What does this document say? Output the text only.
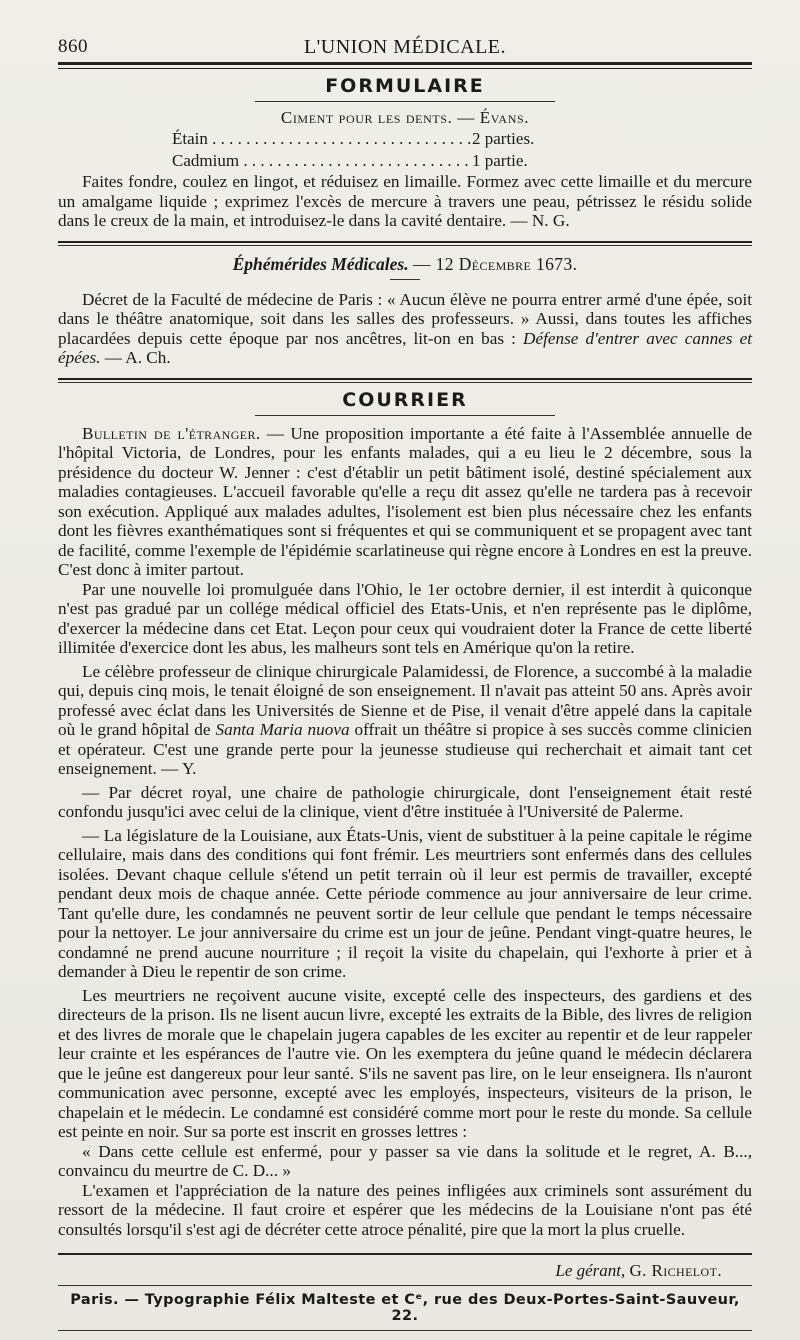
860	L'UNION MÉDICALE.
FORMULAIRE
Ciment pour les dents. — Évans.
Étain . . .	2 parties.
Cadmium . . .	1 partie.

Faites fondre, coulez en lingot, et réduisez en limaille. Formez avec cette limaille et du mercure un amalgame liquide ; exprimez l'excès de mercure à travers une peau, pétrissez le résidu solide dans le creux de la main, et introduisez-le dans la cavité dentaire. — N. G.

Éphémérides Médicales. — 12 Décembre 1673.

Décret de la Faculté de médecine de Paris : « Aucun élève ne pourra entrer armé d'une épée, soit dans le théâtre anatomique, soit dans les salles des professeurs. » Aussi, dans toutes les affiches placardées depuis cette époque par nos ancêtres, lit-on en bas : Défense d'entrer avec cannes et épées. — A. Ch.

COURRIER

Bulletin de l'étranger. — Une proposition importante a été faite à l'Assemblée annuelle de l'hôpital Victoria, de Londres, pour les enfants malades, qui a eu lieu le 2 décembre, sous la présidence du docteur W. Jenner : c'est d'établir un petit bâtiment isolé, destiné spécialement aux maladies contagieuses. L'accueil favorable qu'elle a reçu dit assez qu'elle ne tardera pas à recevoir son exécution. Appliqué aux malades adultes, l'isolement est bien plus nécessaire chez les enfants dont les fièvres exanthématiques sont si fréquentes et qui se communiquent et se propagent avec tant de facilité, comme l'exemple de l'épidémie scarlatineuse qui règne encore à Londres en est la preuve. C'est donc à imiter partout.

Par une nouvelle loi promulguée dans l'Ohio, le 1er octobre dernier, il est interdit à quiconque n'est pas gradué par un collége médical officiel des Etats-Unis, et n'en représente pas le diplôme, d'exercer la médecine dans cet Etat. Leçon pour ceux qui voudraient doter la France de cette liberté illimitée d'exercice dont les abus, les malheurs sont tels en Amérique qu'on la retire.

Le célèbre professeur de clinique chirurgicale Palamidessi, de Florence, a succombé à la maladie qui, depuis cinq mois, le tenait éloigné de son enseignement. Il n'avait pas atteint 50 ans. Après avoir professé avec éclat dans les Universités de Sienne et de Pise, il venait d'être appelé dans la capitale où le grand hôpital de Santa Maria nuova offrait un théâtre si propice à ses succès comme clinicien et opérateur. C'est une grande perte pour la jeunesse studieuse qui recherchait et aimait tant cet enseignement. — Y.

— Par décret royal, une chaire de pathologie chirurgicale, dont l'enseignement était resté confondu jusqu'ici avec celui de la clinique, vient d'être instituée à l'Université de Palerme.

— La législature de la Louisiane, aux États-Unis, vient de substituer à la peine capitale le régime cellulaire, mais dans des conditions qui font frémir. Les meurtriers sont enfermés dans des cellules isolées. Devant chaque cellule s'étend un petit terrain où il leur est permis de travailler, excepté pendant deux mois de chaque année. Cette période commence au jour anniversaire de leur crime. Tant qu'elle dure, les condamnés ne peuvent sortir de leur cellule que pendant le temps nécessaire pour la nettoyer. Le jour anniversaire du crime est un jour de jeûne. Pendant vingt-quatre heures, le condamné ne prend aucune nourriture ; il reçoit la visite du chapelain, qui l'exhorte à prier et à demander à Dieu le repentir de son crime.

Les meurtriers ne reçoivent aucune visite, excepté celle des inspecteurs, des gardiens et des directeurs de la prison. Ils ne lisent aucun livre, excepté les extraits de la Bible, des livres de religion et des livres de morale que le chapelain jugera capables de les exciter au repentir et de leur rappeler leur crainte et les espérances de l'autre vie. On les exemptera du jeûne quand le médecin déclarera que le jeûne est dangereux pour leur santé. S'ils ne savent pas lire, on le leur enseignera. Ils n'auront communication avec personne, excepté avec les employés, inspecteurs, visiteurs de la prison, le chapelain et le médecin. Le condamné est considéré comme mort pour le reste du monde. Sa cellule est peinte en noir. Sur sa porte est inscrit en grosses lettres :

« Dans cette cellule est enfermé, pour y passer sa vie dans la solitude et le regret, A. B..., convaincu du meurtre de C. D... »

L'examen et l'appréciation de la nature des peines infligées aux criminels sont assurément du ressort de la médecine. Il faut croire et espérer que les médecins de la Louisiane n'ont pas été consultés lorsqu'il s'est agi de décréter cette atroce pénalité, pire que la mort la plus cruelle.

Le gérant, G. Richelot.
Paris. — Typographie Félix Malteste et Cᵉ, rue des Deux-Portes-Saint-Sauveur, 22.
